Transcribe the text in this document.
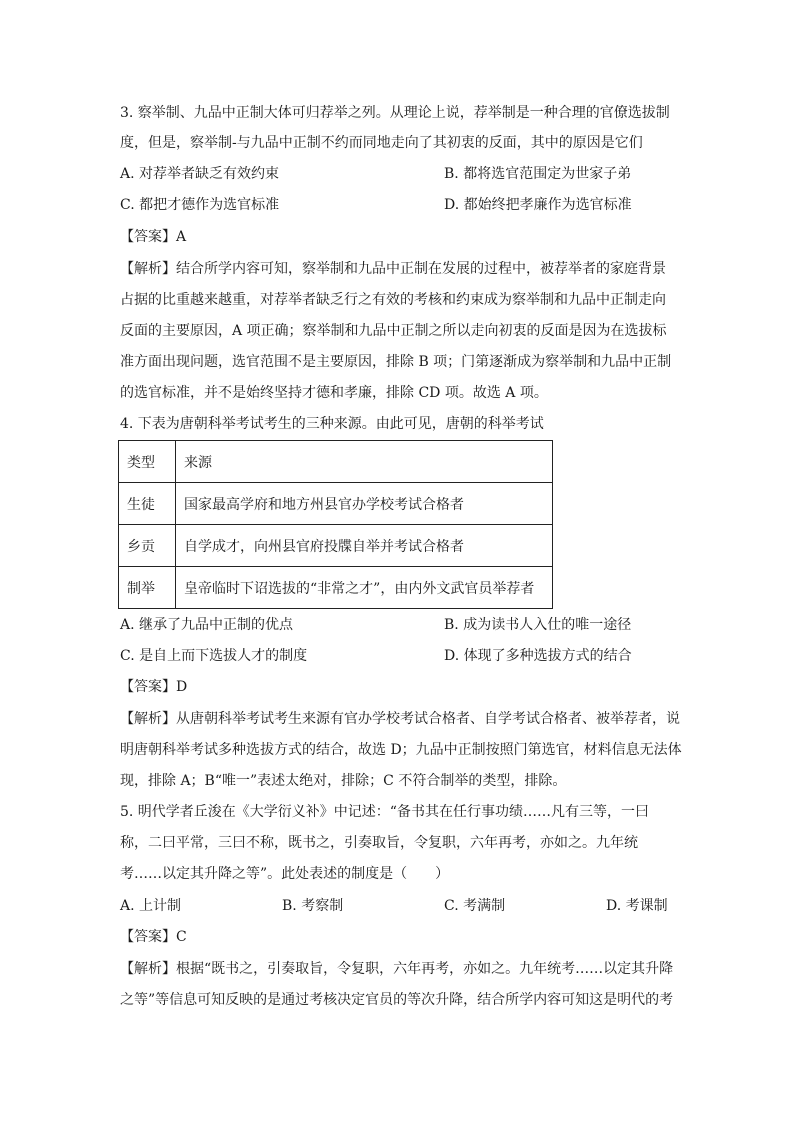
3. 察举制、九品中正制大体可归荐举之列。从理论上说，荐举制是一种合理的官僚选拔制
度，但是，察举制-与九品中正制不约而同地走向了其初衷的反面，其中的原因是它们
A. 对荐举者缺乏有效约束	B. 都将选官范围定为世家子弟
C. 都把才德作为选官标准	D. 都始终把孝廉作为选官标准
【答案】A
【解析】结合所学内容可知，察举制和九品中正制在发展的过程中，被荐举者的家庭背景
占据的比重越来越重，对荐举者缺乏行之有效的考核和约束成为察举制和九品中正制走向
反面的主要原因，A 项正确；察举制和九品中正制之所以走向初衷的反面是因为在选拔标
准方面出现问题，选官范围不是主要原因，排除 B 项；门第逐渐成为察举制和九品中正制
的选官标准，并不是始终坚持才德和孝廉，排除 CD 项。故选 A 项。
4. 下表为唐朝科举考试考生的三种来源。由此可见，唐朝的科举考试
类型	来源
生徒	国家最高学府和地方州县官办学校考试合格者
乡贡	自学成才，向州县官府投牒自举并考试合格者
制举	皇帝临时下诏选拔的“非常之才”，由内外文武官员举荐者
A. 继承了九品中正制的优点	B. 成为读书人入仕的唯一途径
C. 是自上而下选拔人才的制度	D. 体现了多种选拔方式的结合
【答案】D
【解析】从唐朝科举考试考生来源有官办学校考试合格者、自学考试合格者、被举荐者，说
明唐朝科举考试多种选拔方式的结合，故选 D；九品中正制按照门第选官，材料信息无法体
现，排除 A；B“唯一”表述太绝对，排除；C 不符合制举的类型，排除。
5. 明代学者丘浚在《大学衍义补》中记述：“备书其在任行事功绩……凡有三等，一曰
称，二曰平常，三曰不称，既书之，引奏取旨，令复职，六年再考，亦如之。九年统
考……以定其升降之等”。此处表述的制度是（　　）
A. 上计制	B. 考察制	C. 考满制	D. 考课制
【答案】C
【解析】根据“既书之，引奏取旨，令复职，六年再考，亦如之。九年统考……以定其升降
之等”等信息可知反映的是通过考核决定官员的等次升降，结合所学内容可知这是明代的考
